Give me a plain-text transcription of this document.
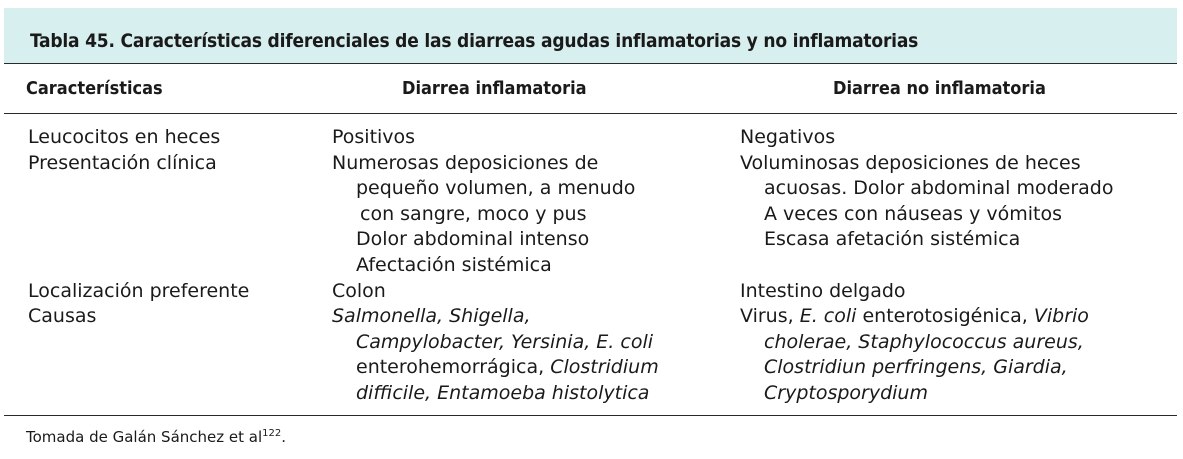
Tabla 45. Características diferenciales de las diarreas agudas inflamatorias y no inflamatorias
Características	Diarrea inflamatoria	Diarrea no inflamatoria
Leucocitos en heces
Presentación clínica
Localización preferente
Causas
Positivos
Numerosas deposiciones de
pequeño volumen, a menudo
con sangre, moco y pus
Dolor abdominal intenso
Afectación sistémica
Colon
Salmonella, Shigella,
Campylobacter, Yersinia, E. coli
enterohemorrágica, Clostridium
difficile, Entamoeba histolytica
Negativos
Voluminosas deposiciones de heces
acuosas. Dolor abdominal moderado
A veces con náuseas y vómitos
Escasa afetación sistémica
Intestino delgado
Virus, E. coli enterotosigénica, Vibrio
cholerae, Staphylococcus aureus,
Clostridiun perfringens, Giardia,
Cryptosporydium
Tomada de Galán Sánchez et $al^{122}$.
